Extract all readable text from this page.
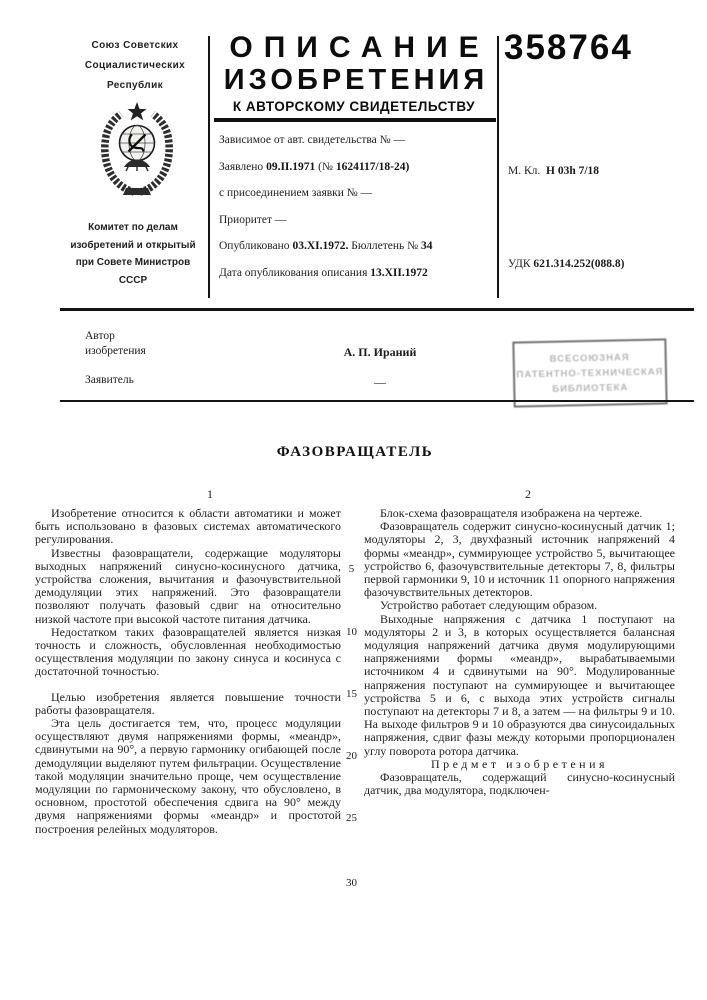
Союз Советских
Социалистических
Республик
Комитет по делам
изобретений и открытый
при Совете Министров
СССР
ОПИСАНИЕ
ИЗОБРЕТЕНИЯ
К АВТОРСКОМУ СВИДЕТЕЛЬСТВУ
Зависимое от авт. свидетельства № —
Заявлено 09.II.1971 (№ 1624117/18-24)
с присоединением заявки № —
Приоритет —
Опубликовано 03.XI.1972. Бюллетень № 34
Дата опубликования описания 13.XII.1972
358764
М. Кл. Н 03h 7/18
УДК 621.314.252(088.8)
Автор
изобретения	А. П. Ираний
Заявитель	—
ВСЕСОЮЗНАЯ
ПАТЕНТНО-ТЕХНИЧЕСКАЯ
БИБЛИОТЕКА
ФАЗОВРАЩАТЕЛЬ
1	2

Изобретение относится к области автоматики и может быть использовано в фазовых системах автоматического регулирования.

Известны фазовращатели, содержащие модуляторы выходных напряжений синусно-косинусного датчика, устройства сложения, вычитания и фазочувствительной демодуляции этих напряжений. Это фазовращатели позволяют получать фазовый сдвиг на относительно низкой частоте при высокой частоте питания датчика.

Недостатком таких фазовращателей является низкая точность и сложность, обусловленная необходимостью осуществления модуляции по закону синуса и косинуса с достаточной точностью.

Целью изобретения является повышение точности работы фазовращателя.

Эта цель достигается тем, что, процесс модуляции осуществляют двумя напряжениями формы, «меандр», сдвинутыми на 90°, а первую гармонику огибающей после демодуляции выделяют путем фильтрации. Осуществление такой модуляции значительно проще, чем осуществление модуляции по гармоническому закону, что обусловлено, в основном, простотой обеспечения сдвига на 90° между двумя напряжениями формы «меандр» и простотой построения релейных модуляторов.

Блок-схема фазовращателя изображена на чертеже.

Фазовращатель содержит синусно-косинусный датчик 1; модуляторы 2, 3, двухфазный источник напряжений 4 формы «меандр», суммирующее устройство 5, вычитающее устройство 6, фазочувствительные детекторы 7, 8, фильтры первой гармоники 9, 10 и источник 11 опорного напряжения фазочувствительных детекторов.

Устройство работает следующим образом.

Выходные напряжения с датчика 1 поступают на модуляторы 2 и 3, в которых осуществляется балансная модуляция напряжений датчика двумя модулирующими напряжениями формы «меандр», вырабатываемыми источником 4 и сдвинутыми на 90°. Модулированные напряжения поступают на суммирующее и вычитающее устройства 5 и 6, с выхода этих устройств сигналы поступают на детекторы 7 и 8, а затем — на фильтры 9 и 10. На выходе фильтров 9 и 10 образуются два синусоидальных напряжения, сдвиг фазы между которыми пропорционален углу поворота ротора датчика.

Предмет изобретения

Фазовращатель, содержащий синусно-косинусный датчик, два модулятора, подключен-

5
10
15
20
25
30
